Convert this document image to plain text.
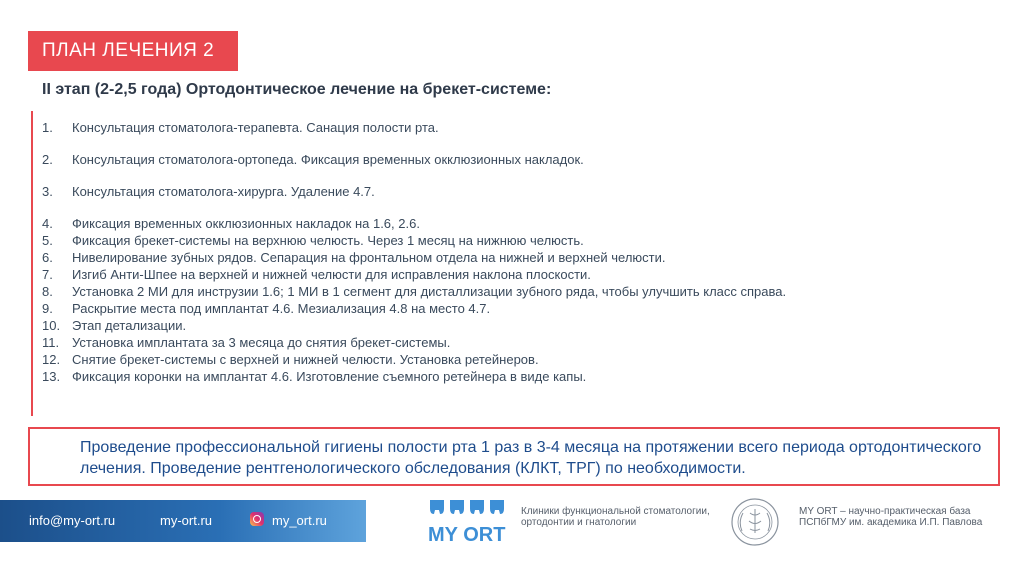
ПЛАН ЛЕЧЕНИЯ 2
II этап (2-2,5 года) Ортодонтическое лечение на брекет-системе:
1.	Консультация стоматолога-терапевта. Санация полости рта.
2.	Консультация стоматолога-ортопеда. Фиксация временных окклюзионных накладок.
3.	Консультация стоматолога-хирурга. Удаление 4.7.
4.	Фиксация временных окклюзионных накладок на 1.6, 2.6.
5.	Фиксация брекет-системы на верхнюю челюсть. Через 1 месяц на нижнюю челюсть.
6.	Нивелирование зубных рядов. Сепарация на фронтальном отдела на нижней и верхней челюсти.
7.	Изгиб Анти-Шпее на верхней и нижней челюсти для исправления наклона плоскости.
8.	Установка 2 МИ для инструзии 1.6; 1 МИ в 1 сегмент для дисталлизации зубного ряда, чтобы улучшить класс справа.
9.	Раскрытие места под имплантат 4.6. Мезиализация 4.8 на место 4.7.
10. Этап детализации.
11. Установка имплантата за 3 месяца до снятия брекет-системы.
12. Снятие брекет-системы с верхней и нижней челюсти. Установка ретейнеров.
13. Фиксация коронки на имплантат 4.6. Изготовление съемного ретейнера в виде капы.
Проведение профессиональной гигиены полости рта 1 раз в 3-4 месяца на протяжении всего периода ортодонтического лечения. Проведение рентгенологического обследования (КЛКТ, ТРГ) по необходимости.
info@my-ort.ru	my-ort.ru	my_ort.ru
MY ORT
Клиники функциональной стоматологии, ортодонтии и гнатологии
MY ORT – научно-практическая база ПСПбГМУ им. академика И.П. Павлова
